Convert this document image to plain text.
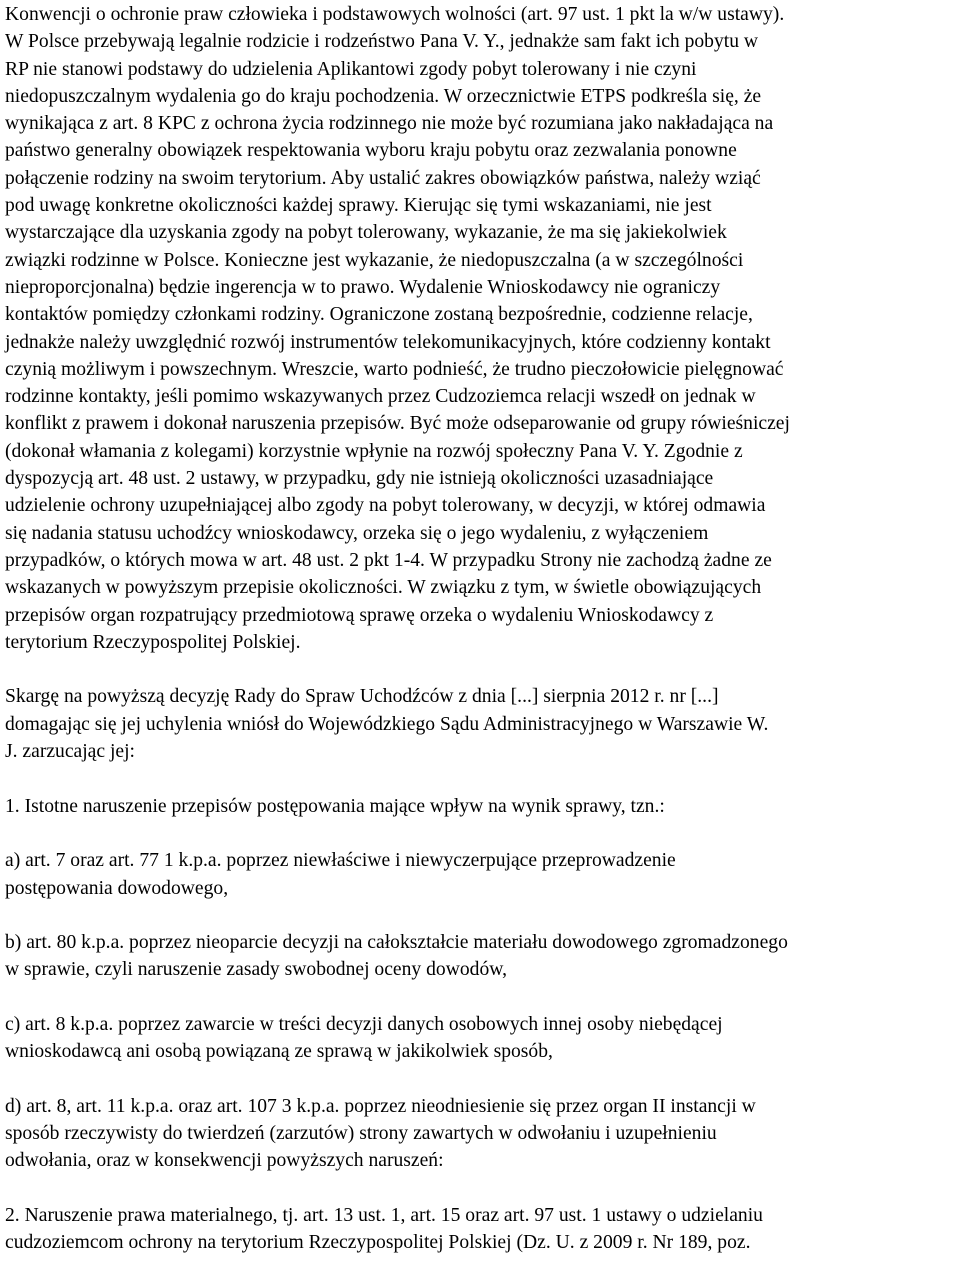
Konwencji o ochronie praw człowieka i podstawowych wolności (art. 97 ust. 1 pkt la w/w ustawy).
W Polsce przebywają legalnie rodzicie i rodzeństwo Pana V. Y., jednakże sam fakt ich pobytu w
RP nie stanowi podstawy do udzielenia Aplikantowi zgody pobyt tolerowany i nie czyni
niedopuszczalnym wydalenia go do kraju pochodzenia. W orzecznictwie ETPS podkreśla się, że
wynikająca z art. 8 KPC z ochrona życia rodzinnego nie może być rozumiana jako nakładająca na
państwo generalny obowiązek respektowania wyboru kraju pobytu oraz zezwalania ponowne
połączenie rodziny na swoim terytorium. Aby ustalić zakres obowiązków państwa, należy wziąć
pod uwagę konkretne okoliczności każdej sprawy. Kierując się tymi wskazaniami, nie jest
wystarczające dla uzyskania zgody na pobyt tolerowany, wykazanie, że ma się jakiekolwiek
związki rodzinne w Polsce. Konieczne jest wykazanie, że niedopuszczalna (a w szczególności
nieproporcjonalna) będzie ingerencja w to prawo. Wydalenie Wnioskodawcy nie ograniczy
kontaktów pomiędzy członkami rodziny. Ograniczone zostaną bezpośrednie, codzienne relacje,
jednakże należy uwzględnić rozwój instrumentów telekomunikacyjnych, które codzienny kontakt
czynią możliwym i powszechnym. Wreszcie, warto podnieść, że trudno pieczołowicie pielęgnować
rodzinne kontakty, jeśli pomimo wskazywanych przez Cudzoziemca relacji wszedł on jednak w
konflikt z prawem i dokonał naruszenia przepisów. Być może odseparowanie od grupy rówieśniczej
(dokonał włamania z kolegami) korzystnie wpłynie na rozwój społeczny Pana V. Y. Zgodnie z
dyspozycją art. 48 ust. 2 ustawy, w przypadku, gdy nie istnieją okoliczności uzasadniające
udzielenie ochrony uzupełniającej albo zgody na pobyt tolerowany, w decyzji, w której odmawia
się nadania statusu uchodźcy wnioskodawcy, orzeka się o jego wydaleniu, z wyłączeniem
przypadków, o których mowa w art. 48 ust. 2 pkt 1-4. W przypadku Strony nie zachodzą żadne ze
wskazanych w powyższym przepisie okoliczności. W związku z tym, w świetle obowiązujących
przepisów organ rozpatrujący przedmiotową sprawę orzeka o wydaleniu Wnioskodawcy z
terytorium Rzeczypospolitej Polskiej.
Skargę na powyższą decyzję Rady do Spraw Uchodźców z dnia [...] sierpnia 2012 r. nr [...]
domagając się jej uchylenia wniósł do Wojewódzkiego Sądu Administracyjnego w Warszawie W.
J. zarzucając jej:
1. Istotne naruszenie przepisów postępowania mające wpływ na wynik sprawy, tzn.:
a) art. 7 oraz art. 77 1 k.p.a. poprzez niewłaściwe i niewyczerpujące przeprowadzenie
postępowania dowodowego,
b) art. 80 k.p.a. poprzez nieoparcie decyzji na całokształcie materiału dowodowego zgromadzonego
w sprawie, czyli naruszenie zasady swobodnej oceny dowodów,
c) art. 8 k.p.a. poprzez zawarcie w treści decyzji danych osobowych innej osoby niebędącej
wnioskodawcą ani osobą powiązaną ze sprawą w jakikolwiek sposób,
d) art. 8, art. 11 k.p.a. oraz art. 107 3 k.p.a. poprzez nieodniesienie się przez organ II instancji w
sposób rzeczywisty do twierdzeń (zarzutów) strony zawartych w odwołaniu i uzupełnieniu
odwołania, oraz w konsekwencji powyższych naruszeń:
2. Naruszenie prawa materialnego, tj. art. 13 ust. 1, art. 15 oraz art. 97 ust. 1 ustawy o udzielaniu
cudzoziemcom ochrony na terytorium Rzeczypospolitej Polskiej (Dz. U. z 2009 r. Nr 189, poz.
